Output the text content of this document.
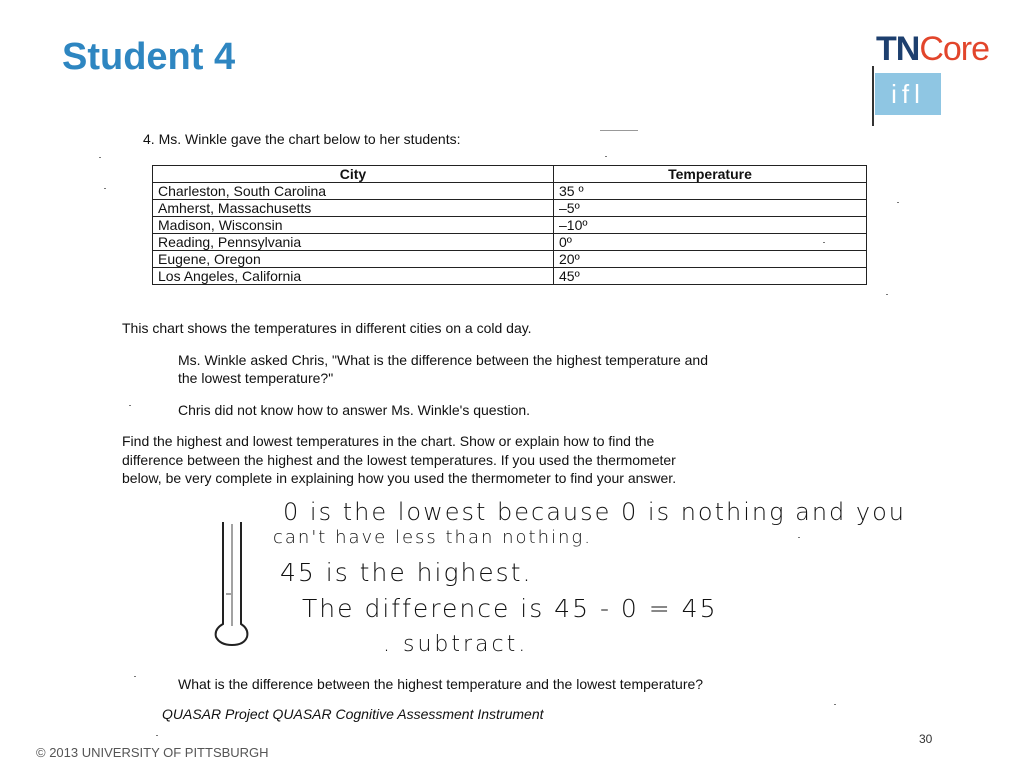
Student 4	TNCore
ifl
4. Ms. Winkle gave the chart below to her students:
City	Temperature
Charleston, South Carolina	35 º
Amherst, Massachusetts	–5º
Madison, Wisconsin	–10º
Reading, Pennsylvania	0º
Eugene, Oregon	20º
Los Angeles, California	45º
This chart shows the temperatures in different cities on a cold day.
Ms. Winkle asked Chris, "What is the difference between the highest temperature and
the lowest temperature?"
Chris did not know how to answer Ms. Winkle's question.
Find the highest and lowest temperatures in the chart. Show or explain how to find the
difference between the highest and the lowest temperatures. If you used the thermometer
below, be very complete in explaining how you used the thermometer to find your answer.
0 is the lowest because 0 is nothing and you
can't have less than nothing.
45 is the highest.
The difference is 45 - 0 = 45
. subtract.
What is the difference between the highest temperature and the lowest temperature?
QUASAR Project QUASAR Cognitive Assessment Instrument
© 2013 UNIVERSITY OF PITTSBURGH
30
